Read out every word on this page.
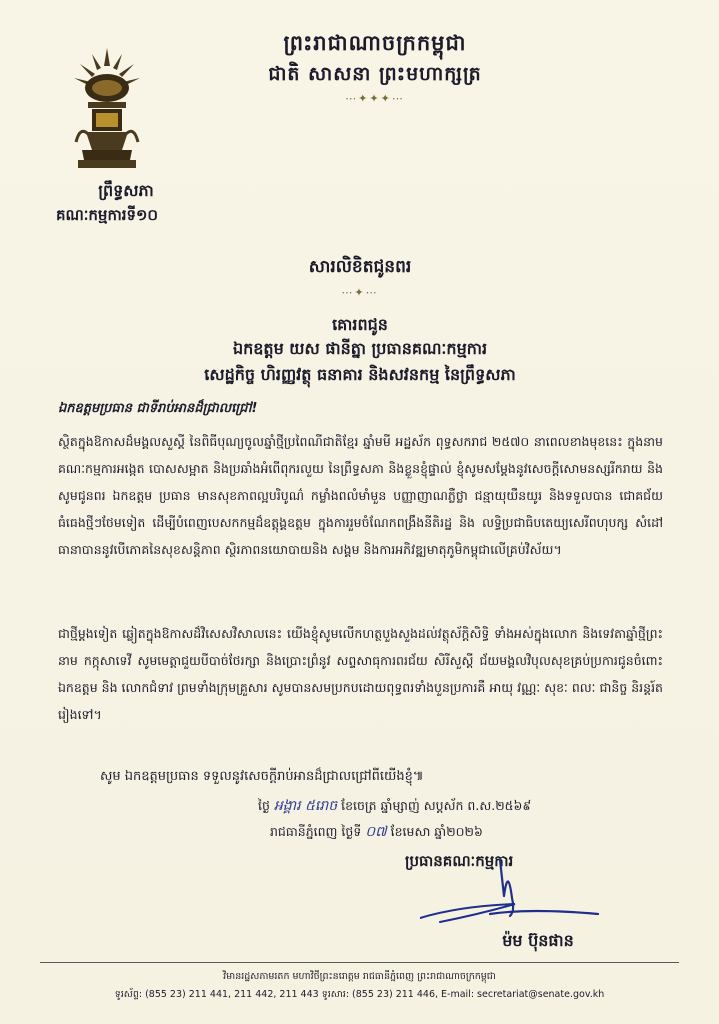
ព្រះរាជាណាចក្រកម្ពុជា
ជាតិ សាសនា ព្រះមហាក្សត្រ
⋯✦✦✦⋯
ព្រឹទ្ធសភា
គណៈកម្មការទី១០
សារលិខិតជូនពរ
⋯✦⋯
គោរពជូន
ឯកឧត្តម យស ផានីត្នា ប្រធានគណៈកម្មការ
សេដ្ឋកិច្ច ហិរញ្ញវត្ថុ ធនាគារ និងសវនកម្ម នៃព្រឹទ្ធសភា
ឯកឧត្តមប្រធាន ជាទីរាប់អានដ៏ជ្រាលជ្រៅ!
ស្ថិតក្នុងឱកាសដ៏មង្គលសួស្តី នៃពិធីបុណ្យចូលឆ្នាំថ្មីប្រពៃណីជាតិខ្មែរ ឆ្នាំមមី អដ្ឋស័ក ពុទ្ធសករាជ ២៥៧០ នាពេលខាងមុខនេះ ក្នុងនាមគណៈកម្មការអង្កេត បោសសម្អាត និងប្រឆាំងអំពើពុករលួយ នៃព្រឹទ្ធសភា និងខ្លួនខ្ញុំផ្ទាល់ ខ្ញុំសូមសម្តែងនូវសេចក្តីសោមនស្សរីករាយ និងសូមជូនពរ ឯកឧត្តម ប្រធាន មានសុខភាពល្អបរិបូណ៌ កម្លាំងពលំមាំមួន បញ្ញាញាណភ្លឺថ្លា ជន្មាយុយឺនយូរ និងទទួលបាន ជោគជ័យធំធេងថ្មីៗថែមទៀត ដើម្បីបំពេញបេសកកម្មដ៏ឧត្តុង្គឧត្តម ក្នុងការរួមចំណែកពង្រឹងនីតិរដ្ឋ និង លទ្ធិប្រជាធិបតេយ្យសេរីពហុបក្ស សំដៅធានាបាននូវបើភោគនៃសុខសន្តិភាព ស្ថិរភាពនយោបាយនិង សង្គម និងការអភិវឌ្ឍមាតុភូមិកម្ពុជាលើគ្រប់វិស័យ។
ជាថ្មីម្តងទៀត ឆ្លៀតក្នុងឱកាសដ៏វិសេសវិសាលនេះ យើងខ្ញុំសូមលើកហត្ថបួងសួងដល់វត្ថុស័ក្តិសិទ្ធិ ទាំងអស់ក្នុងលោក និងទេវតាឆ្នាំថ្មីព្រះនាម កក្កុសាទេវី សូមមេត្តាជួយបីបាច់ថែរក្សា និងប្រោះព្រំនូវ សព្ទសាធុការពរជ័យ សិរីសួស្តី ជ័យមង្គលវិបុលសុខគ្រប់ប្រការជូនចំពោះ ឯកឧត្តម និង លោកជំទាវ ព្រមទាំងក្រុមគ្រួសារ សូមបានសមប្រកបដោយពុទ្ធពរទាំងបួនប្រការគឺ អាយុ វណ្ណៈ សុខៈ ពលៈ ជានិច្ច និរន្តរ៍តរៀងទៅ។
សូម ឯកឧត្តមប្រធាន ទទួលនូវសេចក្តីរាប់អានដ៏ជ្រាលជ្រៅពីយើងខ្ញុំ៕
ថ្ងៃ អង្គារ ៥រោច ខែចេត្រ ឆ្នាំម្សាញ់ សប្តស័ក ព.ស.២៥៦៩
រាជធានីភ្នំពេញ ថ្ងៃទី ០៧ ខែមេសា ឆ្នាំ២០២៦
ប្រធានគណៈកម្មការ
ម៉ម ប៊ុនផាន
វិមានរដ្ឋសភាមរតក មហាវិថីព្រះនរោត្តម រាជធានីភ្នំពេញ ព្រះរាជាណាចក្រកម្ពុជា
ទូរស័ព្ទ: (855 23) 211 441, 211 442, 211 443 ទូរសារ: (855 23) 211 446, E-mail: secretariat@senate.gov.kh
